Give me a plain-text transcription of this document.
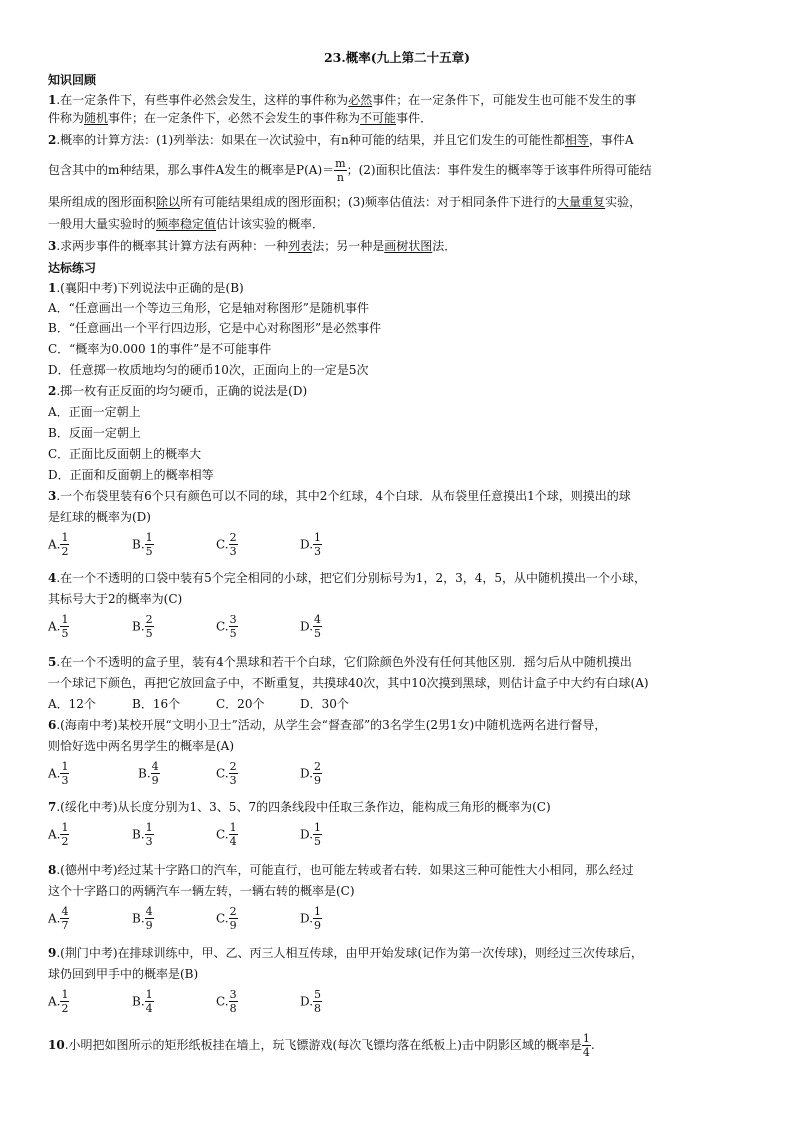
23.概率(九上第二十五章)
知识回顾
1.在一定条件下，有些事件必然会发生，这样的事件称为必然事件；在一定条件下，可能发生也可能不发生的事
件称为随机事件；在一定条件下，必然不会发生的事件称为不可能事件．
2.概率的计算方法：(1)列举法：如果在一次试验中，有n种可能的结果，并且它们发生的可能性都相等，事件A
包含其中的m种结果，那么事件A发生的概率是$P(A)= \frac{m}{n}$ ；(2)面积比值法：事件发生的概率等于该事件所得可能结
果所组成的图形面积除以所有可能结果组成的图形面积；(3)频率估值法：对于相同条件下进行的大量重复实验，
一般用大量实验时的频率稳定值估计该实验的概率．
3.求两步事件的概率其计算方法有两种：一种列表法；另一种是画树状图法．
达标练习
1.(襄阳中考)下列说法中正确的是(B)
A．“任意画出一个等边三角形，它是轴对称图形”是随机事件
B．“任意画出一个平行四边形，它是中心对称图形”是必然事件
C．“概率为0.000 1的事件”是不可能事件
D．任意掷一枚质地均匀的硬币10次，正面向上的一定是5次
2.掷一枚有正反面的均匀硬币，正确的说法是(D)
A．正面一定朝上
B．反面一定朝上
C．正面比反面朝上的概率大
D．正面和反面朝上的概率相等
3.一个布袋里装有6个只有颜色可以不同的球，其中2个红球，4个白球．从布袋里任意摸出1个球，则摸出的球
是红球的概率为(D)
A. $\frac{1}{2}$	B. $\frac{1}{5}$	C. $\frac{2}{3}$	D. $\frac{1}{3}$
4.在一个不透明的口袋中装有5个完全相同的小球，把它们分别标号为1，2，3，4，5，从中随机摸出一个小球，
其标号大于2的概率为(C)
A. $\frac{1}{5}$	B. $\frac{2}{5}$	C. $\frac{3}{5}$	D. $\frac{4}{5}$
5.在一个不透明的盒子里，装有4个黑球和若干个白球，它们除颜色外没有任何其他区别．摇匀后从中随机摸出
一个球记下颜色，再把它放回盒子中，不断重复，共摸球40次，其中10次摸到黑球，则估计盒子中大约有白球(A)
A．12个	B．16个	C．20个	D．30个
6.(海南中考)某校开展“文明小卫士”活动，从学生会“督查部”的3名学生(2男1女)中随机选两名进行督导，
则恰好选中两名男学生的概率是(A)
A. $\frac{1}{3}$	B. $\frac{4}{9}$	C. $\frac{2}{3}$	D. $\frac{2}{9}$
7.(绥化中考)从长度分别为1、3、5、7的四条线段中任取三条作边，能构成三角形的概率为(C)
A. $\frac{1}{2}$	B. $\frac{1}{3}$	C. $\frac{1}{4}$	D. $\frac{1}{5}$
8.(德州中考)经过某十字路口的汽车，可能直行，也可能左转或者右转．如果这三种可能性大小相同，那么经过
这个十字路口的两辆汽车一辆左转，一辆右转的概率是(C)
A. $\frac{4}{7}$	B. $\frac{4}{9}$	C. $\frac{2}{9}$	D. $\frac{1}{9}$
9.(荆门中考)在排球训练中，甲、乙、丙三人相互传球，由甲开始发球(记作为第一次传球)，则经过三次传球后，
球仍回到甲手中的概率是(B)
A. $\frac{1}{2}$	B. $\frac{1}{4}$	C. $\frac{3}{8}$	D. $\frac{5}{8}$
10.小明把如图所示的矩形纸板挂在墙上，玩飞镖游戏(每次飞镖均落在纸板上)击中阴影区域的概率是 $\frac{1}{4}$ .
